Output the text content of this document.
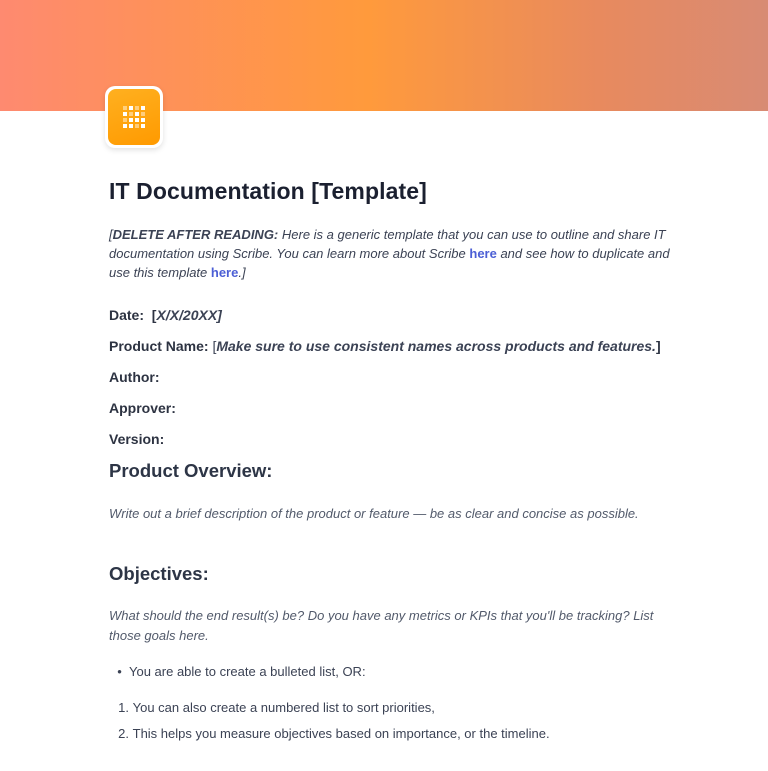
IT Documentation [Template]

[DELETE AFTER READING: Here is a generic template that you can use to outline and share IT documentation using Scribe. You can learn more about Scribe here and see how to duplicate and use this template here.]

Date: [X/X/20XX]

Product Name: [Make sure to use consistent names across products and features.]

Author:

Approver:

Version:

Product Overview:

Write out a brief description of the product or feature — be as clear and concise as possible.

Objectives:

What should the end result(s) be? Do you have any metrics or KPIs that you'll be tracking? List those goals here.

•  You are able to create a bulleted list, OR:

1. You can also create a numbered list to sort priorities,

2. This helps you measure objectives based on importance, or the timeline.
